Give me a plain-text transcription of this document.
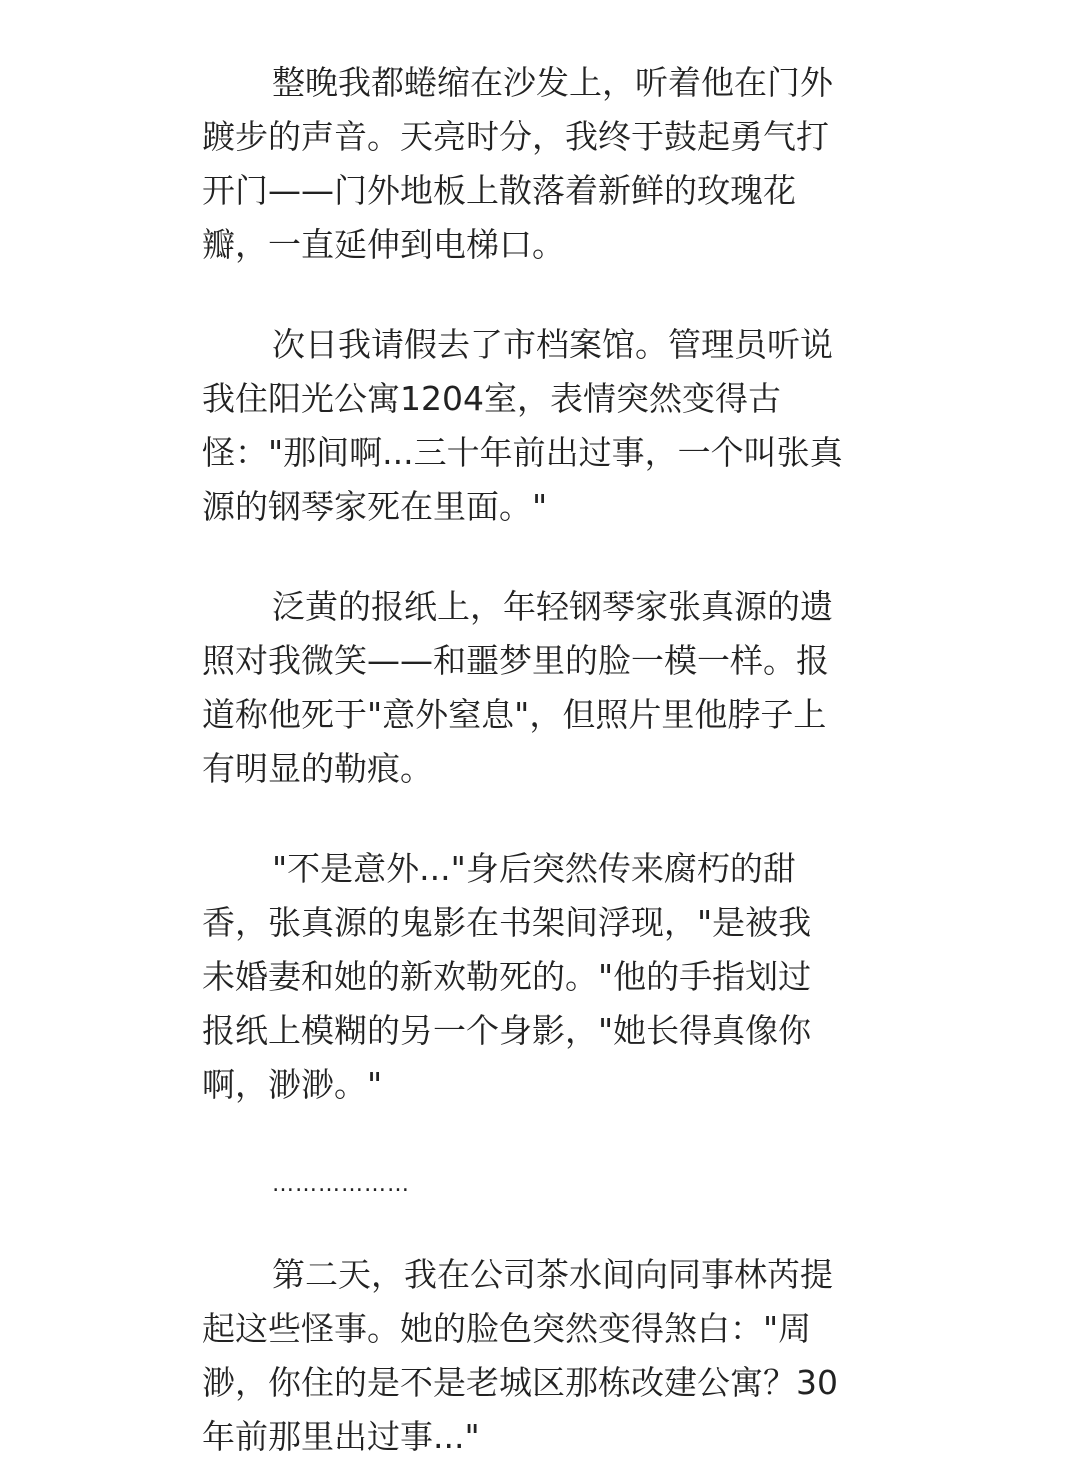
整晚我都蜷缩在沙发上，听着他在门外
踱步的声音。天亮时分，我终于鼓起勇气打
开门——门外地板上散落着新鲜的玫瑰花
瓣，一直延伸到电梯口。
次日我请假去了市档案馆。管理员听说
我住阳光公寓1204室，表情突然变得古
怪："那间啊...三十年前出过事，一个叫张真
源的钢琴家死在里面。"
泛黄的报纸上，年轻钢琴家张真源的遗
照对我微笑——和噩梦里的脸一模一样。报
道称他死于"意外窒息"，但照片里他脖子上
有明显的勒痕。
"不是意外..."身后突然传来腐朽的甜
香，张真源的鬼影在书架间浮现，"是被我
未婚妻和她的新欢勒死的。"他的手指划过
报纸上模糊的另一个身影，"她长得真像你
啊，渺渺。"
………………
第二天，我在公司茶水间向同事林芮提
起这些怪事。她的脸色突然变得煞白："周
渺，你住的是不是老城区那栋改建公寓？30
年前那里出过事..."
